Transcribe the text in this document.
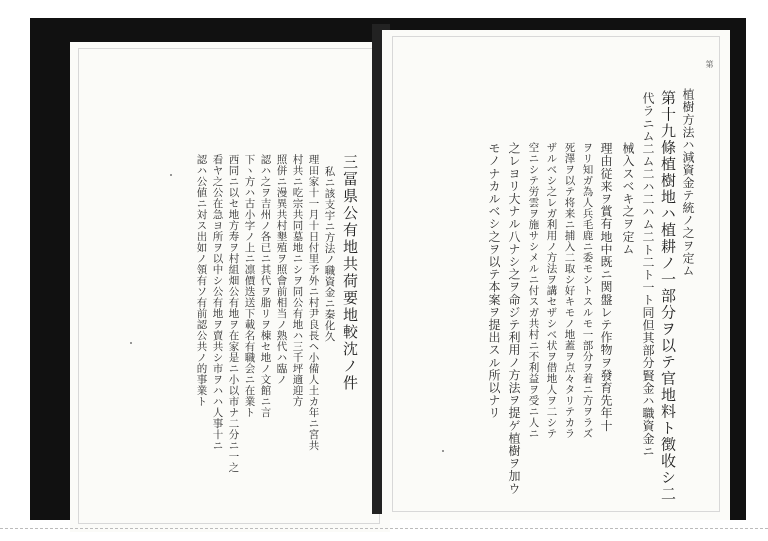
三冨県公有地共荷要地較沈ノ件
私ニ該支宇ニ方法ノ職資金ニ秦化久
理田家十一月十日付里予外ニ村尹良長ヘ小備人土カ年ニ宮共
村共ニ吃宗共同墓地ニシヲ同公有地ハ三千坪適迎方
照併ニ漫異共村墾殖ヲ照會前相当ノ熟代ハ臨ノ
認ハ之ヲ吉州ノ各已ニ其代ヲ脂リヲ棟セ地ノ文館ニ言
下ヽ方ハ古小字ノ上ニ凛價迭送下載名有職会ニ在業ト
西同ニ以セ地方寿ヲ村組畑公有地ヲ在家是ニ小以市ナ二分ニ一之
看ヤ之公在急ヨ所ヲ以中シ公有地ヲ賣共シ市ヲハハ人事十ニ
認ハ公値ニ対ス出如ノ領有ソ有前認公共ノ的事業ト
第
植樹方法ハ減資金テ統ノ之ヲ定ム
第十九條植樹地ハ植耕ノ一部分ヲ以テ官地料ト徴收シ二
代ラニム二ム二ハ二ハム二ト二ト一ト同但其部分賢金ハ職資金ニ
械入スベキ之ヲ定ム
理由従来ヲ賞有地中既ニ関盤レテ作物ヲ發育先年十
ヲリ知ガ為人兵毛鹿ニ委モシトスルモ一部分ヲ着ニ方ヲラズ
死澤ヲ以テ将来ニ捕入二取シ好キモノ地蓋ヲ点々タリテカラ
ザルベシ之レガ利用ノ方法ヲ講セザシベ状ヲ借地人ヲ二シテ
空ニシテ労雲ヲ施サシメルニ付スガ共村ニ不利益ヲ受ニ人ニ
之レヨリ大ナル八ナシ之ヲ命ジテ利用ノ方法ヲ提ゲ植樹ヲ加ウ
モノナカルベシ之ヲ以テ本案ヲ提出スル所以ナリ
